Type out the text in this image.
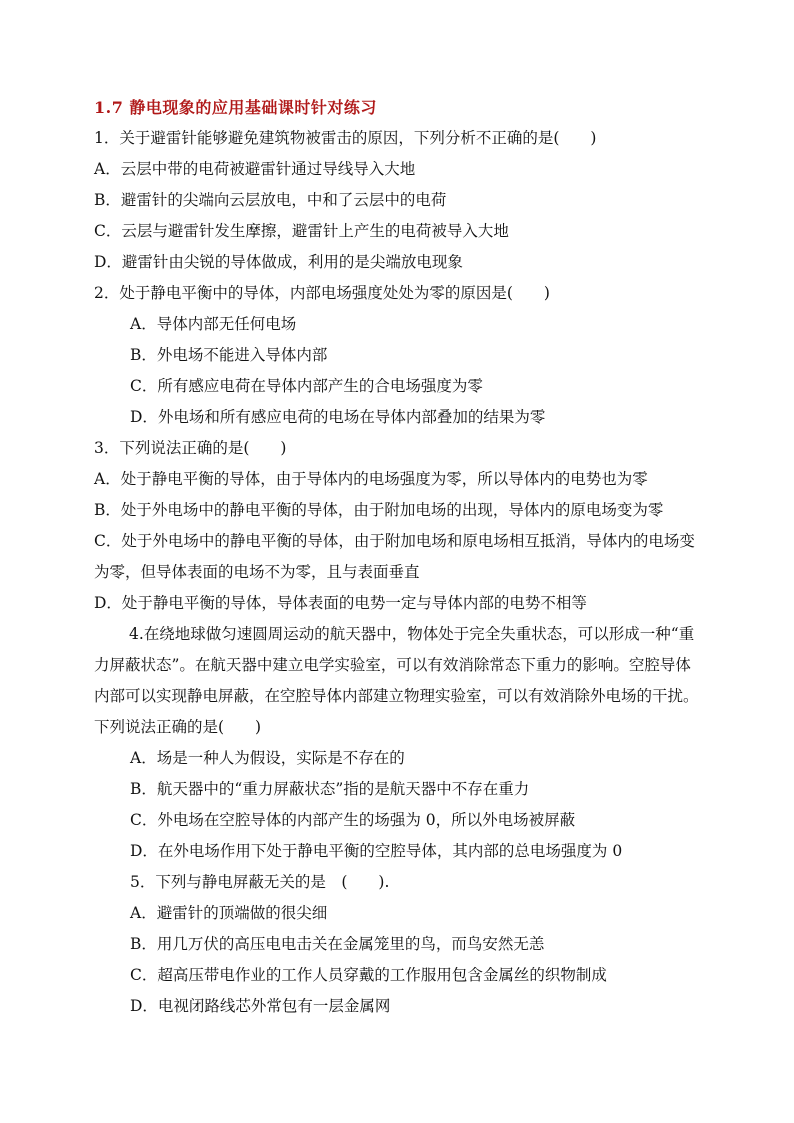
1.7 静电现象的应用基础课时针对练习
1．关于避雷针能够避免建筑物被雷击的原因，下列分析不正确的是(　　)
A．云层中带的电荷被避雷针通过导线导入大地
B．避雷针的尖端向云层放电，中和了云层中的电荷
C．云层与避雷针发生摩擦，避雷针上产生的电荷被导入大地
D．避雷针由尖锐的导体做成，利用的是尖端放电现象
2．处于静电平衡中的导体，内部电场强度处处为零的原因是(　　)
A．导体内部无任何电场
B．外电场不能进入导体内部
C．所有感应电荷在导体内部产生的合电场强度为零
D．外电场和所有感应电荷的电场在导体内部叠加的结果为零
3．下列说法正确的是(　　)
A．处于静电平衡的导体，由于导体内的电场强度为零，所以导体内的电势也为零
B．处于外电场中的静电平衡的导体，由于附加电场的出现，导体内的原电场变为零
C．处于外电场中的静电平衡的导体，由于附加电场和原电场相互抵消，导体内的电场变为零，但导体表面的电场不为零，且与表面垂直
D．处于静电平衡的导体，导体表面的电势一定与导体内部的电势不相等
4.在绕地球做匀速圆周运动的航天器中，物体处于完全失重状态，可以形成一种“重力屏蔽状态”。在航天器中建立电学实验室，可以有效消除常态下重力的影响。空腔导体内部可以实现静电屏蔽，在空腔导体内部建立物理实验室，可以有效消除外电场的干扰。下列说法正确的是(　　)
A．场是一种人为假设，实际是不存在的
B．航天器中的“重力屏蔽状态”指的是航天器中不存在重力
C．外电场在空腔导体的内部产生的场强为 0，所以外电场被屏蔽
D．在外电场作用下处于静电平衡的空腔导体，其内部的总电场强度为 0
5．下列与静电屏蔽无关的是　(　　).
A．避雷针的顶端做的很尖细
B．用几万伏的高压电电击关在金属笼里的鸟，而鸟安然无恙
C．超高压带电作业的工作人员穿戴的工作服用包含金属丝的织物制成
D．电视闭路线芯外常包有一层金属网
